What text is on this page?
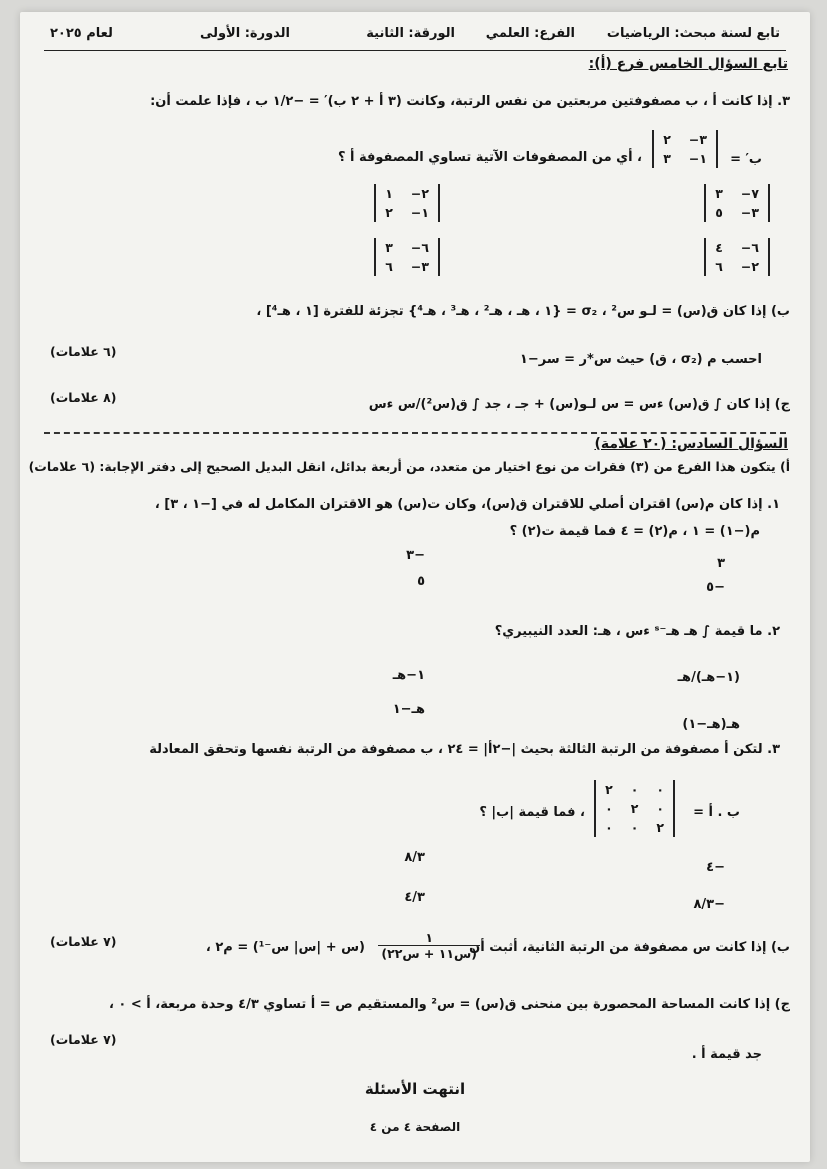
تابع لسنة مبحث: الرياضيات
الفرع: العلمي
الورقة: الثانية
الدورة: الأولى
لعام ٢٠٢٥
تابع السؤال الخامس فرع (أ):
٣. إذا كانت أ ، ب مصفوفتين مربعتين من نفس الرتبة، وكانت (٣ أ + ٢ ب)′ = −١/٢ ب ، فإذا علمت أن:
ب′ =
٢	−٣
٣	−١
، أي من المصفوفات الآتية تساوي المصفوفة أ ؟
٣	−٧
٥	−٣
١	−٢
٢	−١
٤	−٦
٦	−٢
٣	−٦
٦	−٣
ب) إذا كان ق(س) = لـو س² ، σ₂ = {١ ، هـ ، هـ² ، هـ³ ، هـ⁴} تجزئة للفترة [١ ، هـ⁴] ،
احسب م (σ₂ ، ق) حيث س*ر = سر−١
(٦ علامات)
ج) إذا كان ∫ ق(س) ءس = س لـو(س) + جـ ، جد ∫ ق(س²)/س ءس
(٨ علامات)
السؤال السادس: (٢٠ علامة)
أ) يتكون هذا الفرع من (٣) فقرات من نوع اختيار من متعدد، من أربعة بدائل، انقل البديل الصحيح إلى دفتر الإجابة: (٦ علامات)
١. إذا كان م(س) اقتران أصلي للاقتران ق(س)، وكان ت(س) هو الاقتران المكامل له في [−١ ، ٣] ،
م(−١) = ١ ، م(٢) = ٤ فما قيمة ت(٢) ؟
٣
−٣
−٥
٥
٢. ما قيمة ∫ هـ هـ⁻ˢ ءس ، هـ: العدد النيبيري؟
(١−هـ)/هـ
١−هـ
هـ(هـ−١)
هـ−١
٣. لتكن أ مصفوفة من الرتبة الثالثة بحيث |−٢أ| = ٢٤ ، ب مصفوفة من الرتبة نفسها وتحقق المعادلة
ب . أ =
٢	٠	٠
٠	٢	٠
٠	٠	٢
، فما قيمة |ب| ؟
−٤
٨/٣
−٨/٣
٤/٣
ب) إذا كانت س مصفوفة من الرتبة الثانية، أثبت أن
$\frac{١}{\text{(س١١ + س٢٢)}}$
(س + |س| س⁻¹) = م٢ ،
(٧ علامات)
ج) إذا كانت المساحة المحصورة بين منحنى ق(س) = س² والمستقيم ص = أ تساوي ٤/٣ وحدة مربعة، أ > ٠ ،
جد قيمة أ .
(٧ علامات)
انتهت الأسئلة
الصفحة ٤ من ٤
